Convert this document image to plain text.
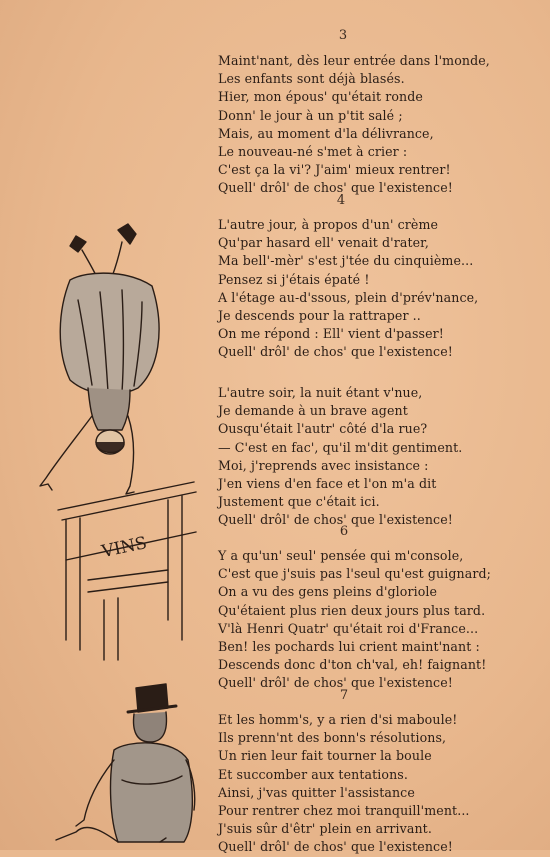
3
Maint'nant, dès leur entrée dans l'monde,
Les enfants sont déjà blasés.
Hier, mon épous' qu'était ronde
Donn' le jour à un p'tit salé ;
Mais, au moment d'la délivrance,
Le nouveau-né s'met à crier :
C'est ça la vi'? J'aim' mieux rentrer!
Quell' drôl' de chos' que l'existence!
4
L'autre jour, à propos d'un' crème
Qu'par hasard ell' venait d'rater,
Ma bell'-mèr' s'est j'tée du cinquième...
Pensez si j'étais épaté !
A l'étage au-d'ssous, plein d'prév'nance,
Je descends pour la rattraper ..
On me répond : Ell' vient d'passer!
Quell' drôl' de chos' que l'existence!
L'autre soir, la nuit étant v'nue,
Je demande à un brave agent
Ousqu'était l'autr' côté d'la rue?
— C'est en fac', qu'il m'dit gentiment.
Moi, j'reprends avec insistance :
J'en viens d'en face et l'on m'a dit
Justement que c'était ici.
Quell' drôl' de chos' que l'existence!
6
Y a qu'un' seul' pensée qui m'console,
C'est que j'suis pas l'seul qu'est guignard;
On a vu des gens pleins d'gloriole
Qu'étaient plus rien deux jours plus tard.
V'là Henri Quatr' qu'était roi d'France...
Ben! les pochards lui crient maint'nant :
Descends donc d'ton ch'val, eh! faignant!
Quell' drôl' de chos' que l'existence!
7
Et les homm's, y a rien d'si maboule!
Ils prenn'nt des bonn's résolutions,
Un rien leur fait tourner la boule
Et succomber aux tentations.
Ainsi, j'vas quitter l'assistance
Pour rentrer chez moi tranquill'ment...
J'suis sûr d'êtr' plein en arrivant.
Quell' drôl' de chos' que l'existence!
VINS
